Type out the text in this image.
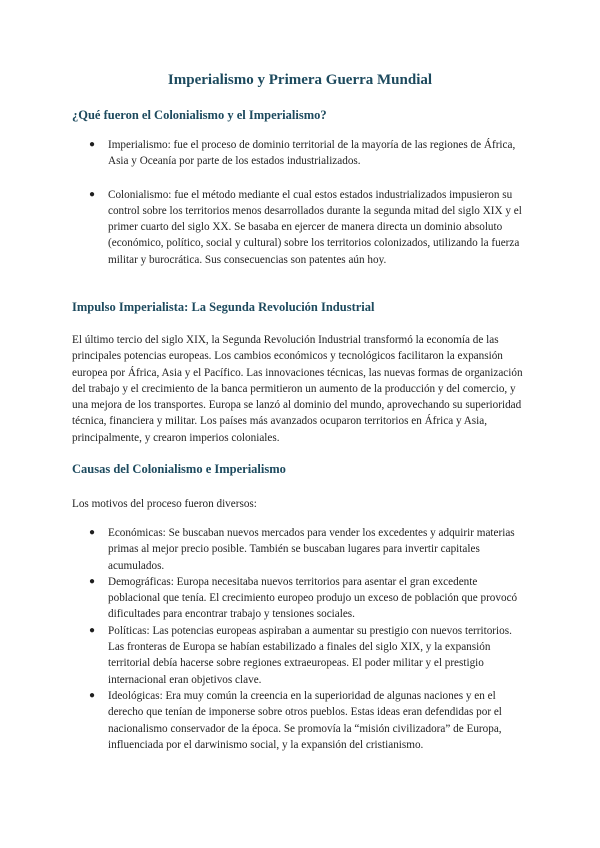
Imperialismo y Primera Guerra Mundial
¿Qué fueron el Colonialismo y el Imperialismo?
● Imperialismo: fue el proceso de dominio territorial de la mayoría de las regiones de África, Asia y Oceanía por parte de los estados industrializados.
● Colonialismo: fue el método mediante el cual estos estados industrializados impusieron su control sobre los territorios menos desarrollados durante la segunda mitad del siglo XIX y el primer cuarto del siglo XX. Se basaba en ejercer de manera directa un dominio absoluto (económico, político, social y cultural) sobre los territorios colonizados, utilizando la fuerza militar y burocrática. Sus consecuencias son patentes aún hoy.
Impulso Imperialista: La Segunda Revolución Industrial

El último tercio del siglo XIX, la Segunda Revolución Industrial transformó la economía de las principales potencias europeas. Los cambios económicos y tecnológicos facilitaron la expansión europea por África, Asia y el Pacífico. Las innovaciones técnicas, las nuevas formas de organización del trabajo y el crecimiento de la banca permitieron un aumento de la producción y del comercio, y una mejora de los transportes. Europa se lanzó al dominio del mundo, aprovechando su superioridad técnica, financiera y militar. Los países más avanzados ocuparon territorios en África y Asia, principalmente, y crearon imperios coloniales.

Causas del Colonialismo e Imperialismo

Los motivos del proceso fueron diversos:

● Económicas: Se buscaban nuevos mercados para vender los excedentes y adquirir materias primas al mejor precio posible. También se buscaban lugares para invertir capitales acumulados.
● Demográficas: Europa necesitaba nuevos territorios para asentar el gran excedente poblacional que tenía. El crecimiento europeo produjo un exceso de población que provocó dificultades para encontrar trabajo y tensiones sociales.
● Políticas: Las potencias europeas aspiraban a aumentar su prestigio con nuevos territorios. Las fronteras de Europa se habían estabilizado a finales del siglo XIX, y la expansión territorial debía hacerse sobre regiones extraeuropeas. El poder militar y el prestigio internacional eran objetivos clave.
● Ideológicas: Era muy común la creencia en la superioridad de algunas naciones y en el derecho que tenían de imponerse sobre otros pueblos. Estas ideas eran defendidas por el nacionalismo conservador de la época. Se promovía la “misión civilizadora” de Europa, influenciada por el darwinismo social, y la expansión del cristianismo.
